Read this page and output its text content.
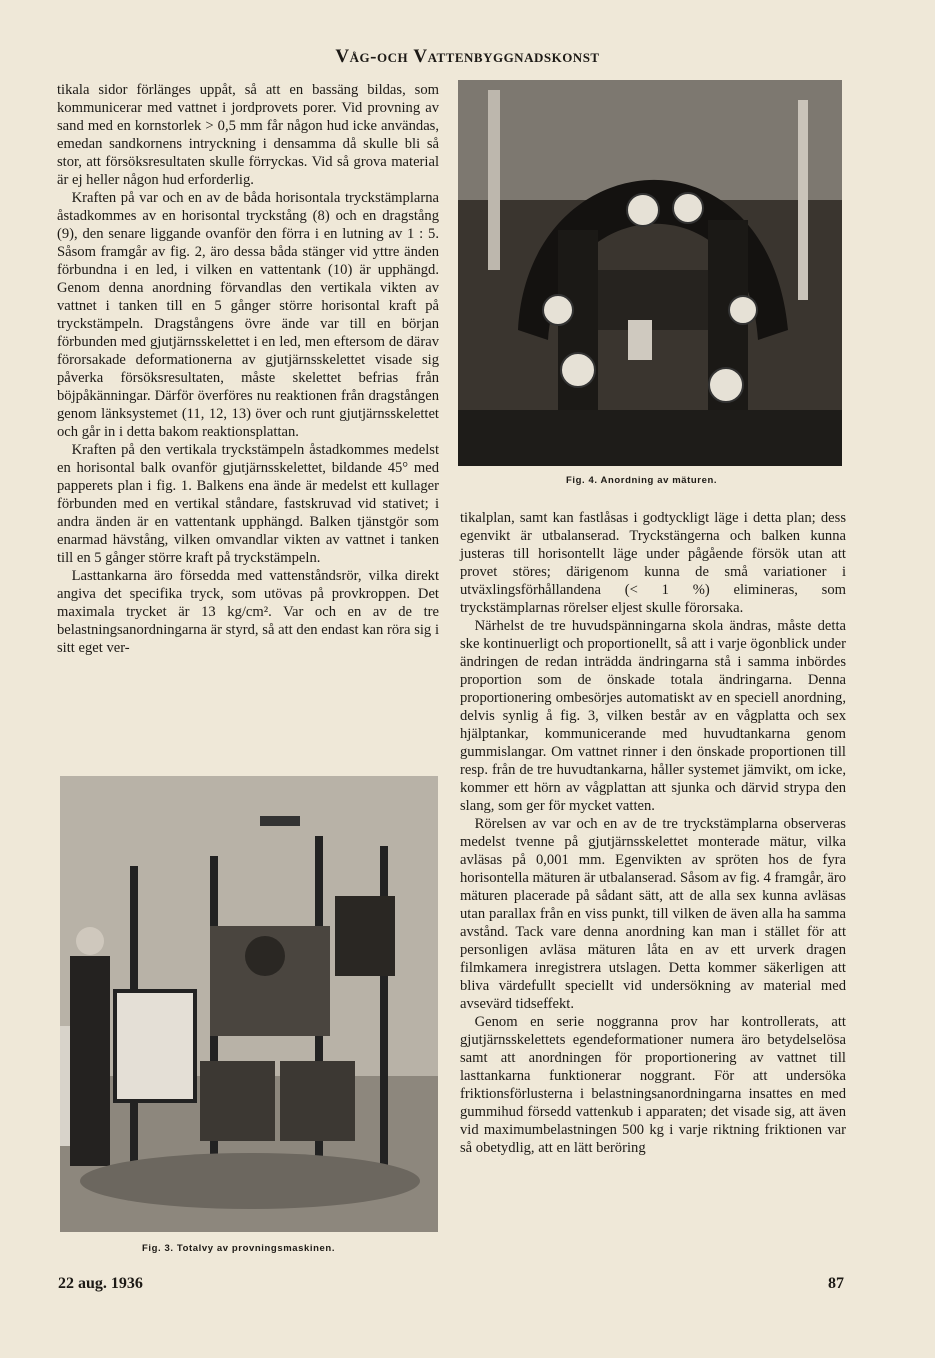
Våg-och Vattenbyggnadskonst

tikala sidor förlänges uppåt, så att en bassäng bildas, som kommunicerar med vattnet i jordprovets porer. Vid provning av sand med en kornstorlek > 0,5 mm får någon hud icke användas, emedan sandkornens intryckning i densamma då skulle bli så stor, att försöksresultaten skulle förryckas. Vid så grova material är ej heller någon hud erforderlig.

Kraften på var och en av de båda horisontala tryckstämplarna åstadkommes av en horisontal tryckstång (8) och en dragstång (9), den senare liggande ovanför den förra i en lutning av 1 : 5. Såsom framgår av fig. 2, äro dessa båda stänger vid yttre änden förbundna i en led, i vilken en vattentank (10) är upphängd. Genom denna anordning förvandlas den vertikala vikten av vattnet i tanken till en 5 gånger större horisontal kraft på tryckstämpeln. Dragstångens övre ände var till en början förbunden med gjutjärnsskelettet i en led, men eftersom de därav förorsakade deformationerna av gjutjärnsskelettet visade sig påverka försöksresultaten, måste skelettet befrias från böjpåkänningar. Därför överföres nu reaktionen från dragstången genom länksystemet (11, 12, 13) över och runt gjutjärnsskelettet och går in i detta bakom reaktionsplattan.

Kraften på den vertikala tryckstämpeln åstadkommes medelst en horisontal balk ovanför gjutjärnsskelettet, bildande 45° med papperets plan i fig. 1. Balkens ena ände är medelst ett kullager förbunden med en vertikal ståndare, fastskruvad vid stativet; i andra änden är en vattentank upphängd. Balken tjänstgör som enarmad hävstång, vilken omvandlar vikten av vattnet i tanken till en 5 gånger större kraft på tryckstämpeln.

Lasttankarna äro försedda med vattenståndsrör, vilka direkt angiva det specifika tryck, som utövas på provkroppen. Det maximala trycket är 13 kg/cm². Var och en av de tre belastningsanordningarna är styrd, så att den endast kan röra sig i sitt eget ver-

Fig. 4. Anordning av mäturen.

tikalplan, samt kan fastlåsas i godtyckligt läge i detta plan; dess egenvikt är utbalanserad. Tryckstängerna och balken kunna justeras till horisontellt läge under pågående försök utan att provet störes; därigenom kunna de små variationer i utväxlingsförhållandena (< 1 %) elimineras, som tryckstämplarnas rörelser eljest skulle förorsaka.

Närhelst de tre huvudspänningarna skola ändras, måste detta ske kontinuerligt och proportionellt, så att i varje ögonblick under ändringen de redan inträdda ändringarna stå i samma inbördes proportion som de önskade totala ändringarna. Denna proportionering ombesörjes automatiskt av en speciell anordning, delvis synlig å fig. 3, vilken består av en vågplatta och sex hjälptankar, kommunicerande med huvudtankarna genom gummislangar. Om vattnet rinner i den önskade proportionen till resp. från de tre huvudtankarna, håller systemet jämvikt, om icke, kommer ett hörn av vågplattan att sjunka och därvid strypa den slang, som ger för mycket vatten.

Rörelsen av var och en av de tre tryckstämplarna observeras medelst tvenne på gjutjärnsskelettet monterade mätur, vilka avläsas på 0,001 mm. Egenvikten av spröten hos de fyra horisontella mäturen är utbalanserad. Såsom av fig. 4 framgår, äro mäturen placerade på sådant sätt, att de alla sex kunna avläsas utan parallax från en viss punkt, till vilken de även alla ha samma avstånd. Tack vare denna anordning kan man i stället för att personligen avläsa mäturen låta en av ett urverk dragen filmkamera inregistrera utslagen. Detta kommer säkerligen att bliva värdefullt speciellt vid undersökning av material med avsevärd tidseffekt.

Genom en serie noggranna prov har kontrollerats, att gjutjärnsskelettets egendeformationer numera äro betydelselösa samt att anordningen för proportionering av vattnet till lasttankarna funktionerar noggrant. För att undersöka friktionsförlusterna i belastningsanordningarna insattes en med gummihud försedd vattenkub i apparaten; det visade sig, att även vid maximumbelastningen 500 kg i varje riktning friktionen var så obetydlig, att en lätt beröring

Fig. 3. Totalvy av provningsmaskinen.
22 aug. 1936	87
